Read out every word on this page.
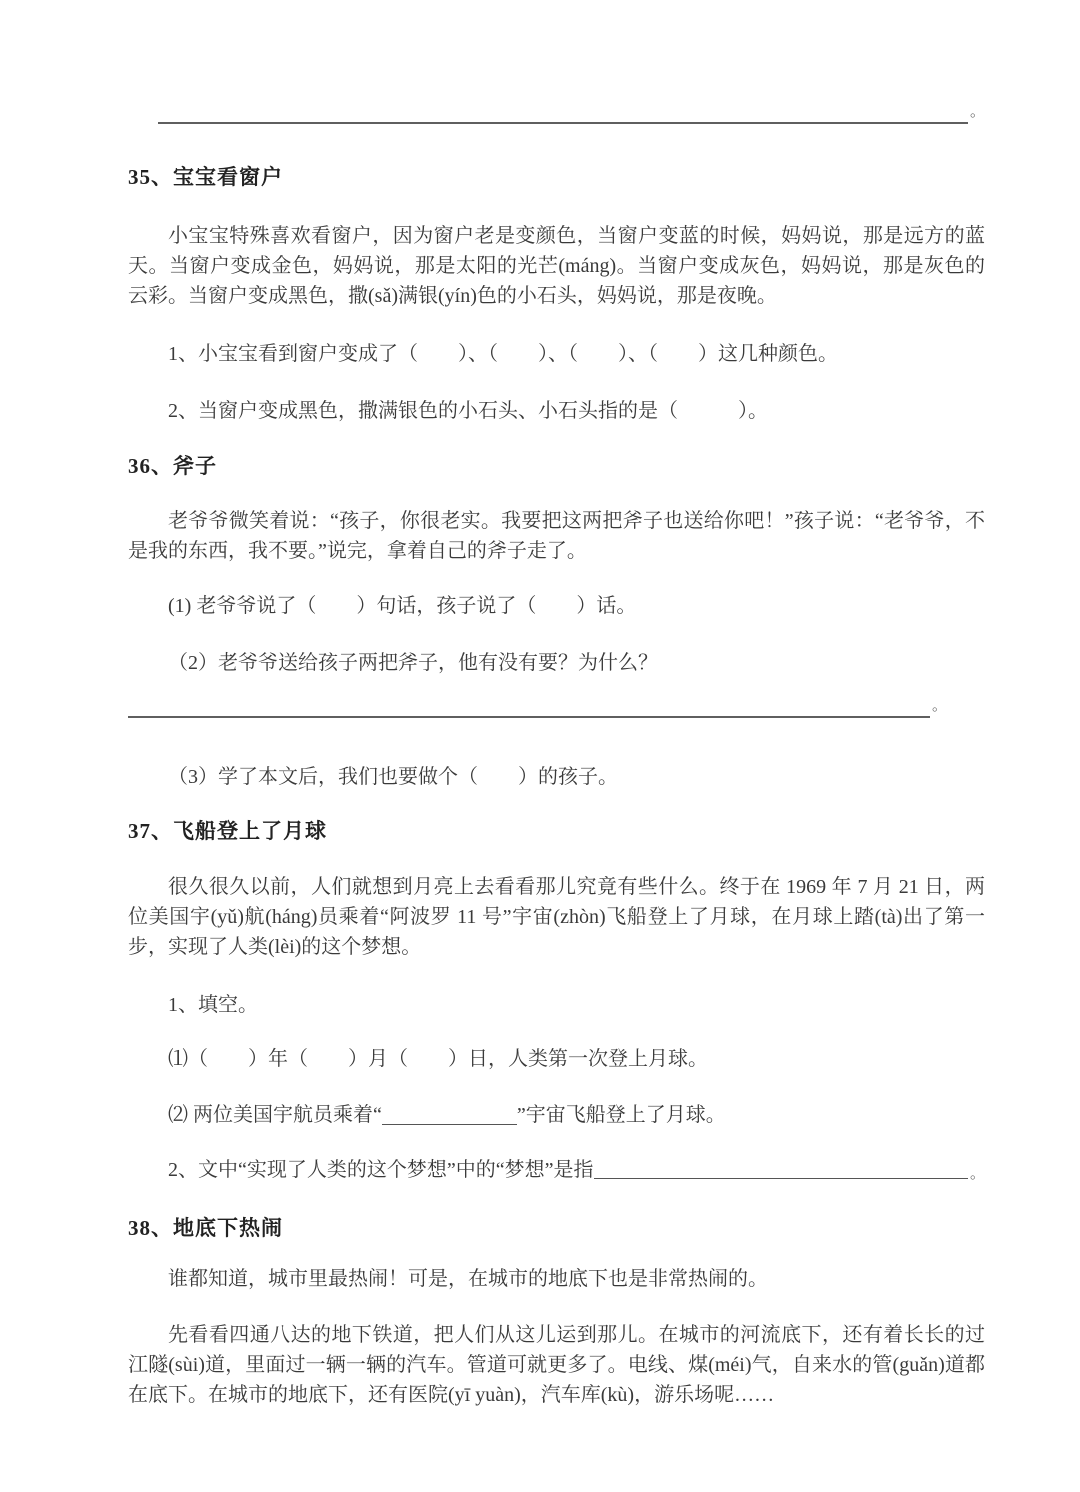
。
35、宝宝看窗户

小宝宝特殊喜欢看窗户，因为窗户老是变颜色，当窗户变蓝的时候，妈妈说，那是远方的蓝天。当窗户变成金色，妈妈说，那是太阳的光芒(máng)。当窗户变成灰色，妈妈说，那是灰色的云彩。当窗户变成黑色，撒(sǎ)满银(yín)色的小石头，妈妈说，那是夜晚。

1、小宝宝看到窗户变成了（　　）、（　　）、（　　）、（　　）这几种颜色。

2、当窗户变成黑色，撒满银色的小石头、小石头指的是（　　　）。

36、斧子

老爷爷微笑着说：“孩子，你很老实。我要把这两把斧子也送给你吧！”孩子说：“老爷爷，不是我的东西，我不要。”说完，拿着自己的斧子走了。

(1) 老爷爷说了（　　）句话，孩子说了（　　）话。

（2）老爷爷送给孩子两把斧子，他有没有要？为什么？

。

（3）学了本文后，我们也要做个（　　）的孩子。

37、飞船登上了月球

很久很久以前，人们就想到月亮上去看看那儿究竟有些什么。终于在 1969 年 7 月 21 日，两位美国宇(yǔ)航(háng)员乘着“阿波罗 11 号”宇宙(zhòn)飞船登上了月球，在月球上踏(tà)出了第一步，实现了人类(lèi)的这个梦想。

1、填空。

⑴（　　）年（　　）月（　　）日，人类第一次登上月球。

⑵ 两位美国宇航员乘着“	”宇宙飞船登上了月球。

2、文中“实现了人类的这个梦想”中的“梦想”是指	。

38、地底下热闹

谁都知道，城市里最热闹！可是，在城市的地底下也是非常热闹的。

先看看四通八达的地下铁道，把人们从这儿运到那儿。在城市的河流底下，还有着长长的过江隧(sùi)道，里面过一辆一辆的汽车。管道可就更多了。电线、煤(méi)气，自来水的管(guǎn)道都在底下。在城市的地底下，还有医院(yī yuàn)，汽车库(kù)，游乐场呢……
